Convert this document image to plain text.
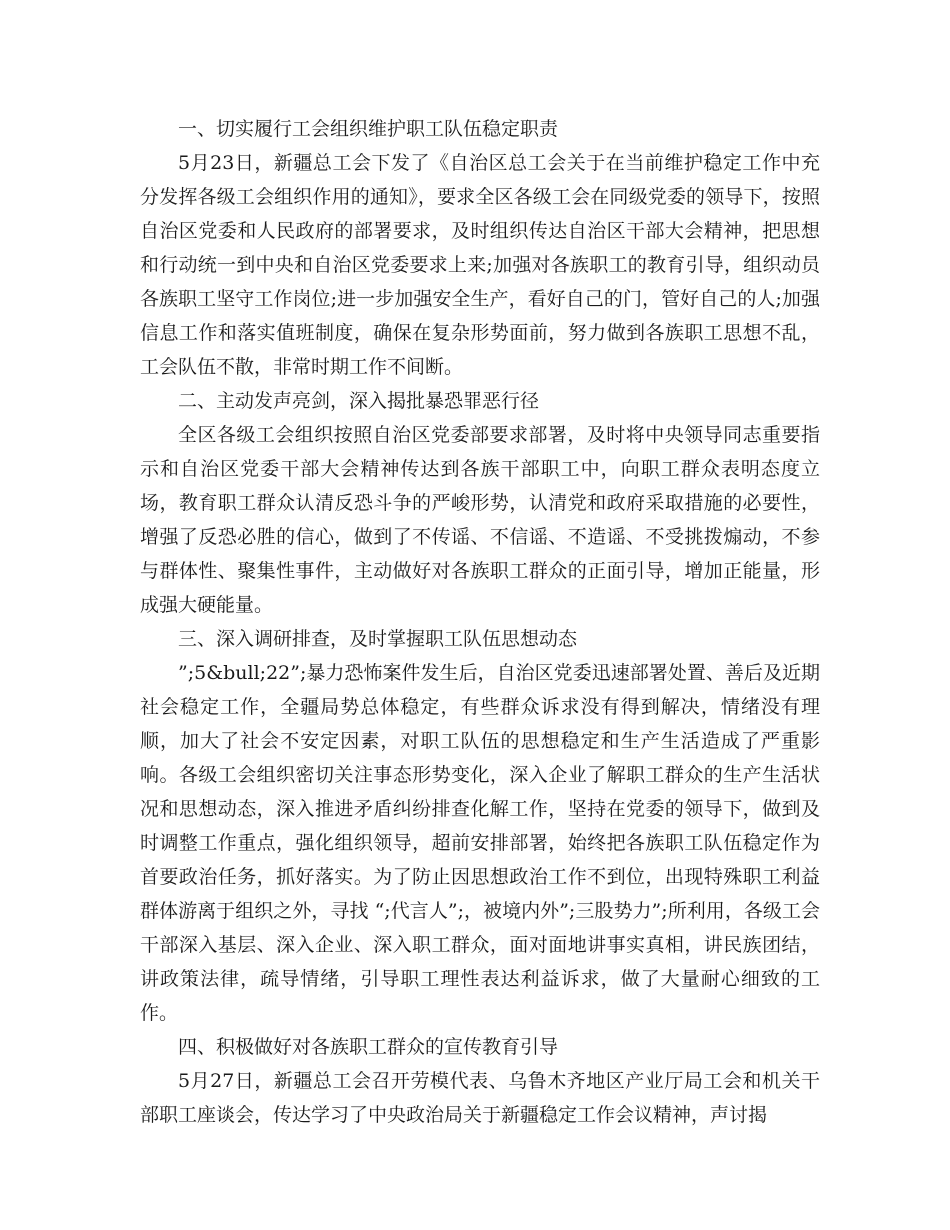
一、切实履行工会组织维护职工队伍稳定职责

5月23日，新疆总工会下发了《自治区总工会关于在当前维护稳定工作中充分发挥各级工会组织作用的通知》，要求全区各级工会在同级党委的领导下，按照自治区党委和人民政府的部署要求，及时组织传达自治区干部大会精神，把思想和行动统一到中央和自治区党委要求上来;加强对各族职工的教育引导，组织动员各族职工坚守工作岗位;进一步加强安全生产，看好自己的门，管好自己的人;加强信息工作和落实值班制度，确保在复杂形势面前，努力做到各族职工思想不乱，工会队伍不散，非常时期工作不间断。

二、主动发声亮剑，深入揭批暴恐罪恶行径

全区各级工会组织按照自治区党委部要求部署，及时将中央领导同志重要指示和自治区党委干部大会精神传达到各族干部职工中，向职工群众表明态度立场，教育职工群众认清反恐斗争的严峻形势，认清党和政府采取措施的必要性，增强了反恐必胜的信心，做到了不传谣、不信谣、不造谣、不受挑拨煽动，不参与群体性、聚集性事件，主动做好对各族职工群众的正面引导，增加正能量，形成强大硬能量。

三、深入调研排查，及时掌握职工队伍思想动态

”;5&bull;22”;暴力恐怖案件发生后，自治区党委迅速部署处置、善后及近期社会稳定工作，全疆局势总体稳定，有些群众诉求没有得到解决，情绪没有理顺，加大了社会不安定因素，对职工队伍的思想稳定和生产生活造成了严重影响。各级工会组织密切关注事态形势变化，深入企业了解职工群众的生产生活状况和思想动态，深入推进矛盾纠纷排查化解工作，坚持在党委的领导下，做到及时调整工作重点，强化组织领导，超前安排部署，始终把各族职工队伍稳定作为首要政治任务，抓好落实。为了防止因思想政治工作不到位，出现特殊职工利益群体游离于组织之外，寻找 “;代言人”;，被境内外”;三股势力”;所利用，各级工会干部深入基层、深入企业、深入职工群众，面对面地讲事实真相，讲民族团结，讲政策法律，疏导情绪，引导职工理性表达利益诉求，做了大量耐心细致的工作。

四、积极做好对各族职工群众的宣传教育引导

5月27日，新疆总工会召开劳模代表、乌鲁木齐地区产业厅局工会和机关干部职工座谈会，传达学习了中央政治局关于新疆稳定工作会议精神，声讨揭
